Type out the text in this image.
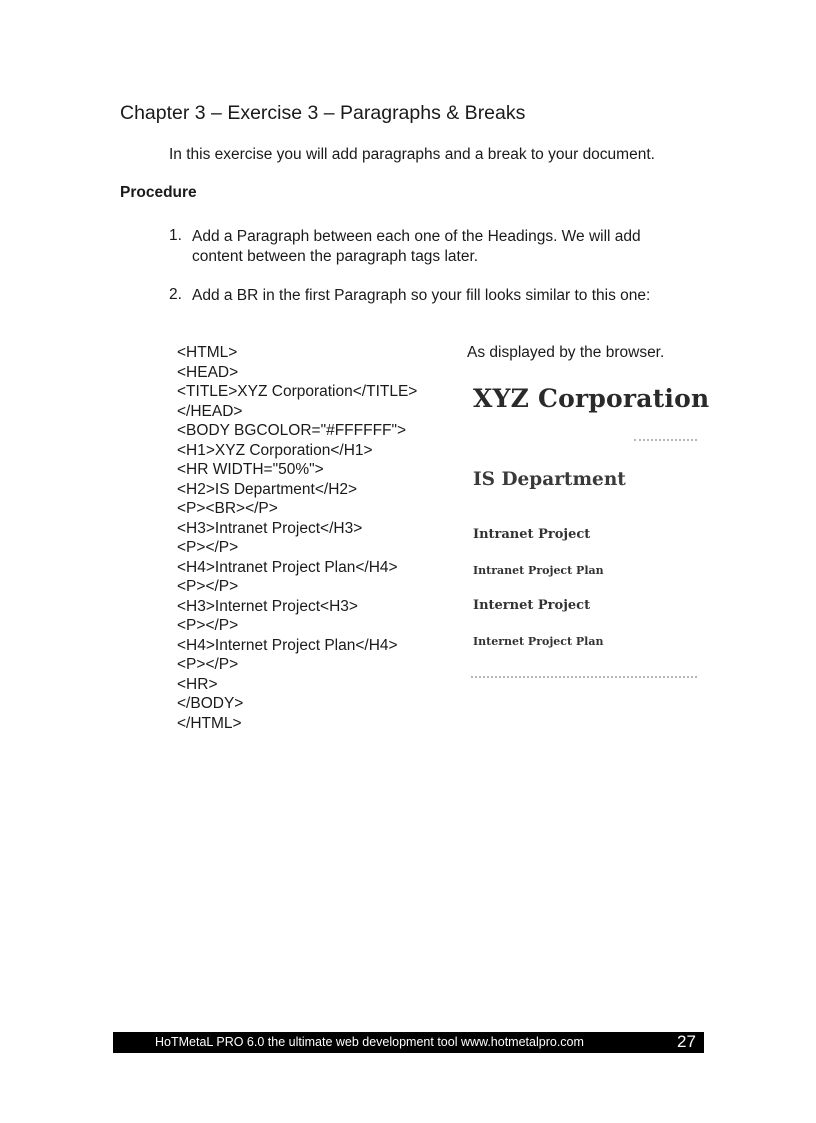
Chapter 3 – Exercise 3 – Paragraphs & Breaks
In this exercise you will add paragraphs and a break to your document.
Procedure
1. Add a Paragraph between each one of the Headings. We will add
content between the paragraph tags later.
2. Add a BR in the first Paragraph so your fill looks similar to this one:
<HTML>
<HEAD>
<TITLE>XYZ Corporation</TITLE>
</HEAD>
<BODY BGCOLOR="#FFFFFF">
<H1>XYZ Corporation</H1>
<HR WIDTH="50%">
<H2>IS Department</H2>
<P><BR></P>
<H3>Intranet Project</H3>
<P></P>
<H4>Intranet Project Plan</H4>
<P></P>
<H3>Internet Project<H3>
<P></P>
<H4>Internet Project Plan</H4>
<P></P>
<HR>
</BODY>
</HTML>
As displayed by the browser.
XYZ Corporation
IS Department
Intranet Project
Intranet Project Plan
Internet Project
Internet Project Plan
HoTMetaL PRO 6.0 the ultimate web development tool www.hotmetalpro.com	27
